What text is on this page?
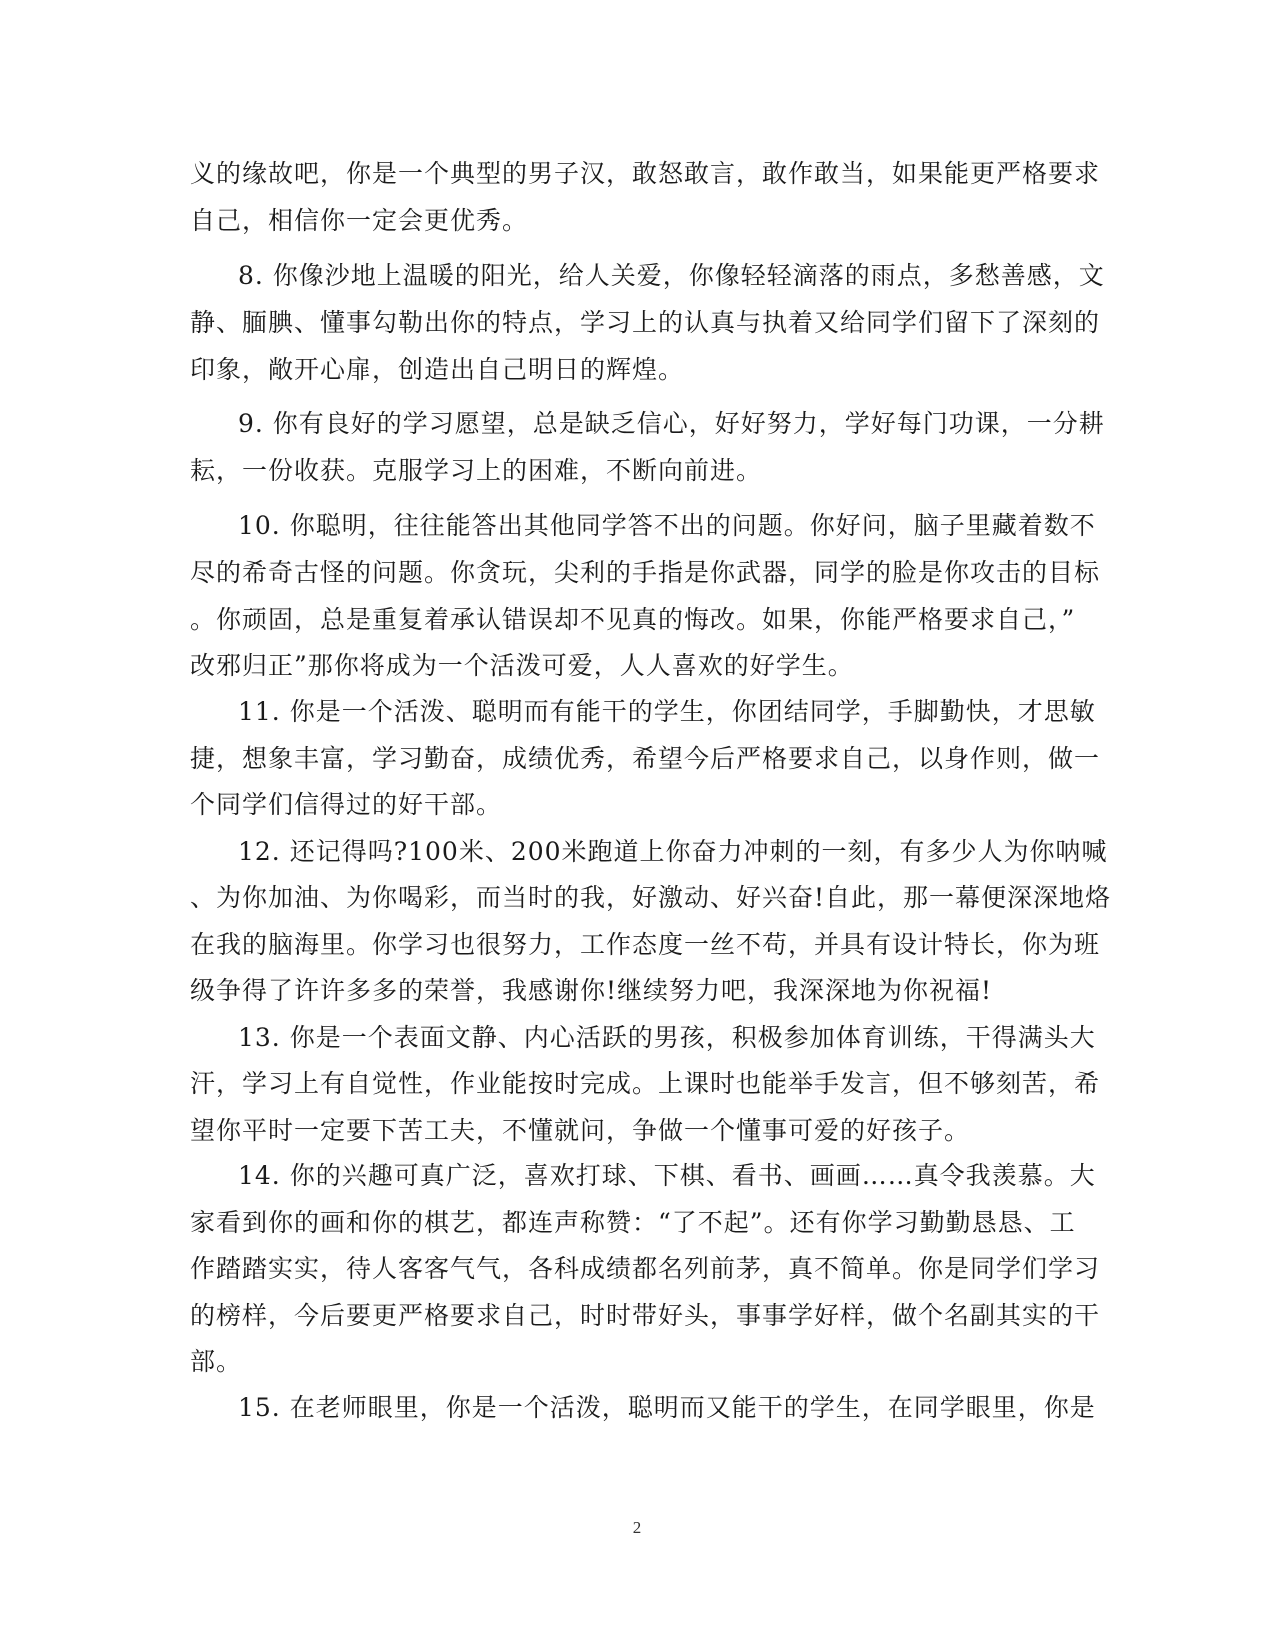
义的缘故吧，你是一个典型的男子汉，敢怒敢言，敢作敢当，如果能更严格要求
自己，相信你一定会更优秀。
8. 你像沙地上温暖的阳光，给人关爱，你像轻轻滴落的雨点，多愁善感，文
静、腼腆、懂事勾勒出你的特点，学习上的认真与执着又给同学们留下了深刻的
印象，敞开心扉，创造出自己明日的辉煌。
9. 你有良好的学习愿望，总是缺乏信心，好好努力，学好每门功课，一分耕
耘，一份收获。克服学习上的困难，不断向前进。
10. 你聪明，往往能答出其他同学答不出的问题。你好问，脑子里藏着数不
尽的希奇古怪的问题。你贪玩，尖利的手指是你武器，同学的脸是你攻击的目标
。你顽固，总是重复着承认错误却不见真的悔改。如果，你能严格要求自己，”
改邪归正”那你将成为一个活泼可爱，人人喜欢的好学生。
11. 你是一个活泼、聪明而有能干的学生，你团结同学，手脚勤快，才思敏
捷，想象丰富，学习勤奋，成绩优秀，希望今后严格要求自己，以身作则，做一
个同学们信得过的好干部。
12. 还记得吗?100米、200米跑道上你奋力冲刺的一刻，有多少人为你呐喊
、为你加油、为你喝彩，而当时的我，好激动、好兴奋!自此，那一幕便深深地烙
在我的脑海里。你学习也很努力，工作态度一丝不苟，并具有设计特长，你为班
级争得了许许多多的荣誉，我感谢你!继续努力吧，我深深地为你祝福!
13. 你是一个表面文静、内心活跃的男孩，积极参加体育训练，干得满头大
汗，学习上有自觉性，作业能按时完成。上课时也能举手发言，但不够刻苦，希
望你平时一定要下苦工夫，不懂就问，争做一个懂事可爱的好孩子。
14. 你的兴趣可真广泛，喜欢打球、下棋、看书、画画……真令我羡慕。大
家看到你的画和你的棋艺，都连声称赞：“了不起”。还有你学习勤勤恳恳、工
作踏踏实实，待人客客气气，各科成绩都名列前茅，真不简单。你是同学们学习
的榜样，今后要更严格要求自己，时时带好头，事事学好样，做个名副其实的干
部。
15. 在老师眼里，你是一个活泼，聪明而又能干的学生，在同学眼里，你是
2
